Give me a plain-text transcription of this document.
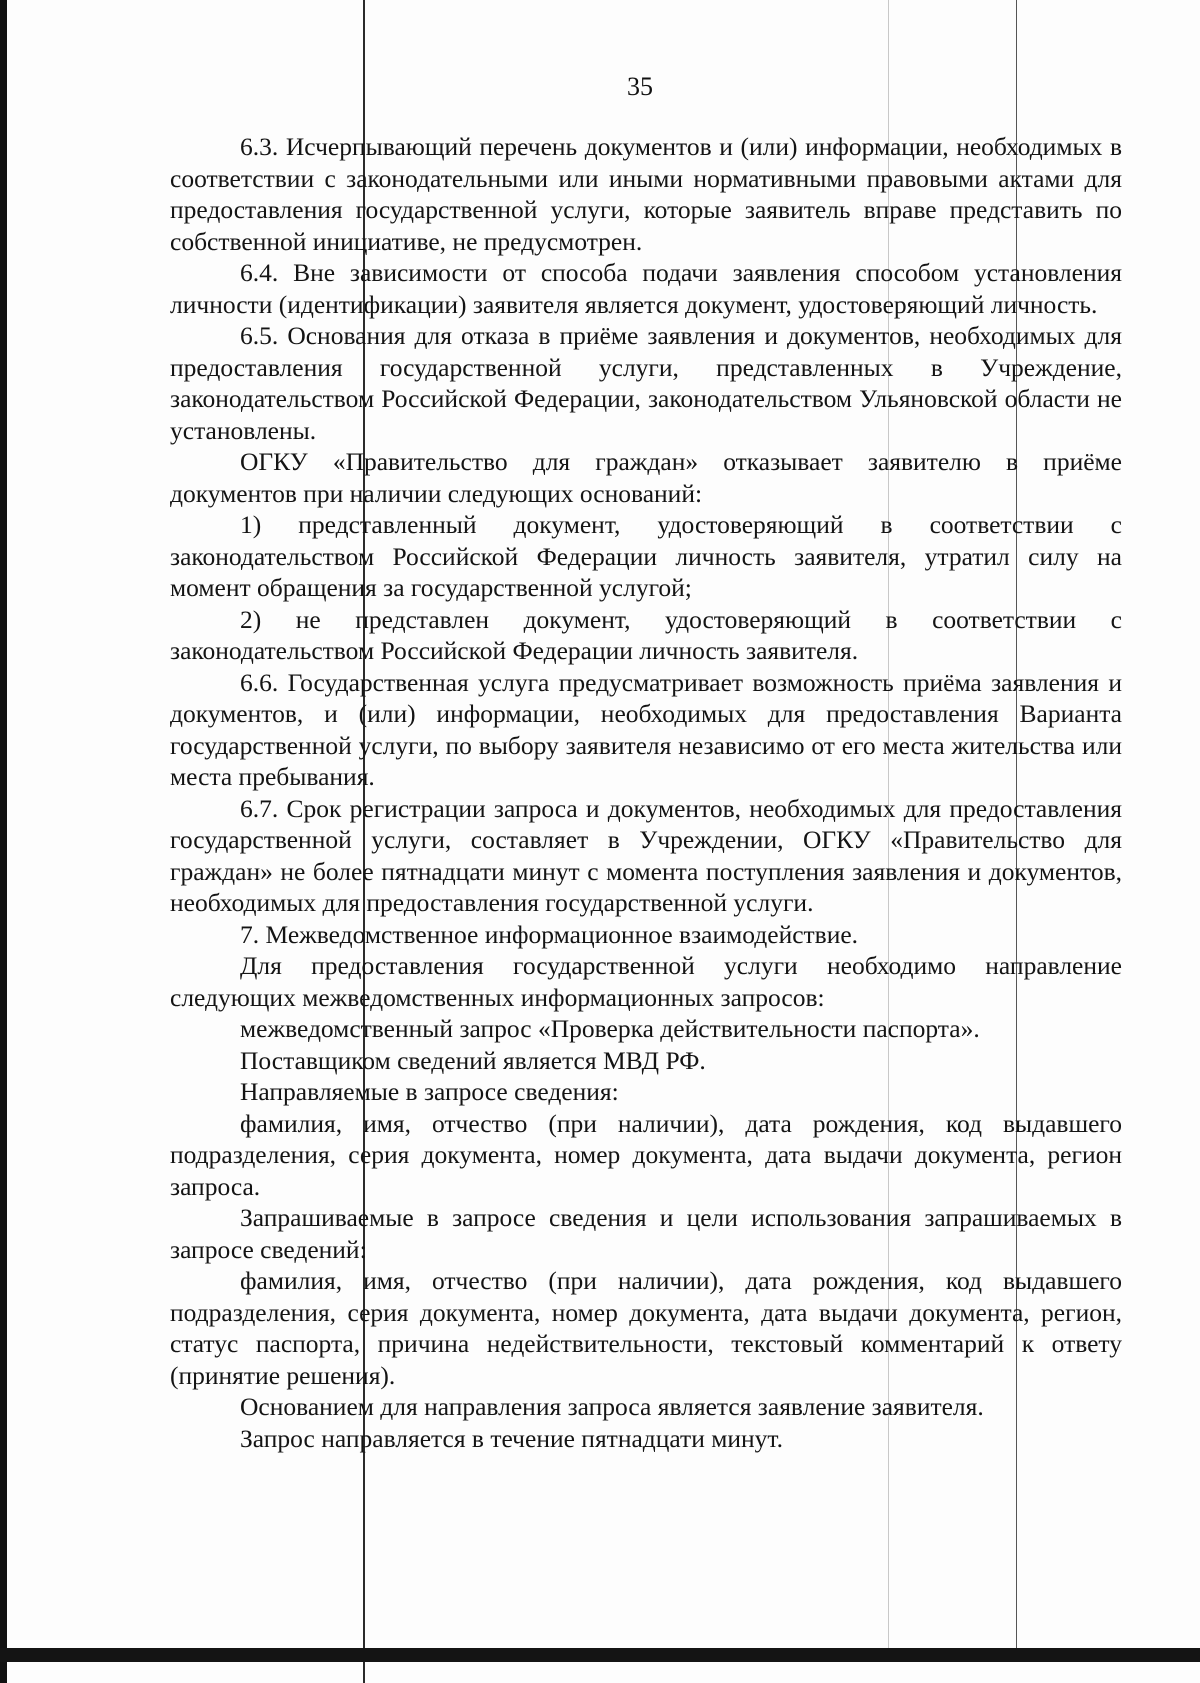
35

6.3. Исчерпывающий перечень документов и (или) информации, необходимых в соответствии с законодательными или иными нормативными правовыми актами для предоставления государственной услуги, которые заявитель вправе представить по собственной инициативе, не предусмотрен.

6.4. Вне зависимости от способа подачи заявления способом установления личности (идентификации) заявителя является документ, удостоверяющий личность.

6.5. Основания для отказа в приёме заявления и документов, необходимых для предоставления государственной услуги, представленных в Учреждение, законодательством Российской Федерации, законодательством Ульяновской области не установлены.

ОГКУ «Правительство для граждан» отказывает заявителю в приёме документов при наличии следующих оснований:

1) представленный документ, удостоверяющий в соответствии с законодательством Российской Федерации личность заявителя, утратил силу на момент обращения за государственной услугой;

2) не представлен документ, удостоверяющий в соответствии с законодательством Российской Федерации личность заявителя.

6.6. Государственная услуга предусматривает возможность приёма заявления и документов, и (или) информации, необходимых для предоставления Варианта государственной услуги, по выбору заявителя независимо от его места жительства или места пребывания.

6.7. Срок регистрации запроса и документов, необходимых для предоставления государственной услуги, составляет в Учреждении, ОГКУ «Правительство для граждан» не более пятнадцати минут с момента поступления заявления и документов, необходимых для предоставления государственной услуги.

7. Межведомственное информационное взаимодействие.

Для предоставления государственной услуги необходимо направление следующих межведомственных информационных запросов:

межведомственный запрос «Проверка действительности паспорта».

Поставщиком сведений является МВД РФ.

Направляемые в запросе сведения:

фамилия, имя, отчество (при наличии), дата рождения, код выдавшего подразделения, серия документа, номер документа, дата выдачи документа, регион запроса.

Запрашиваемые в запросе сведения и цели использования запрашиваемых в запросе сведений:

фамилия, имя, отчество (при наличии), дата рождения, код выдавшего подразделения, серия документа, номер документа, дата выдачи документа, регион, статус паспорта, причина недействительности, текстовый комментарий к ответу (принятие решения).

Основанием для направления запроса является заявление заявителя.

Запрос направляется в течение пятнадцати минут.
